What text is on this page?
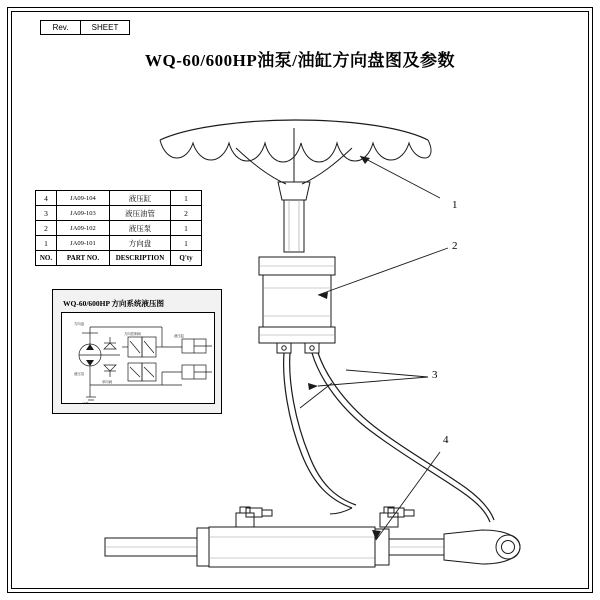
Rev.	SHEET
WQ-60/600HP油泵/油缸方向盘图及参数
4	JA09-104	液压缸	1
3	JA09-103	液压油管	2
2	JA09-102	液压泵	1
1	JA09-101	方向盘	1
NO.	PART NO.	DESCRIPTION	Q'ty
WQ-60/600HP 方向系统液压图
方向盘
液压泵
方向控制阀	液压缸
单向阀
油箱
1
2
3
4
